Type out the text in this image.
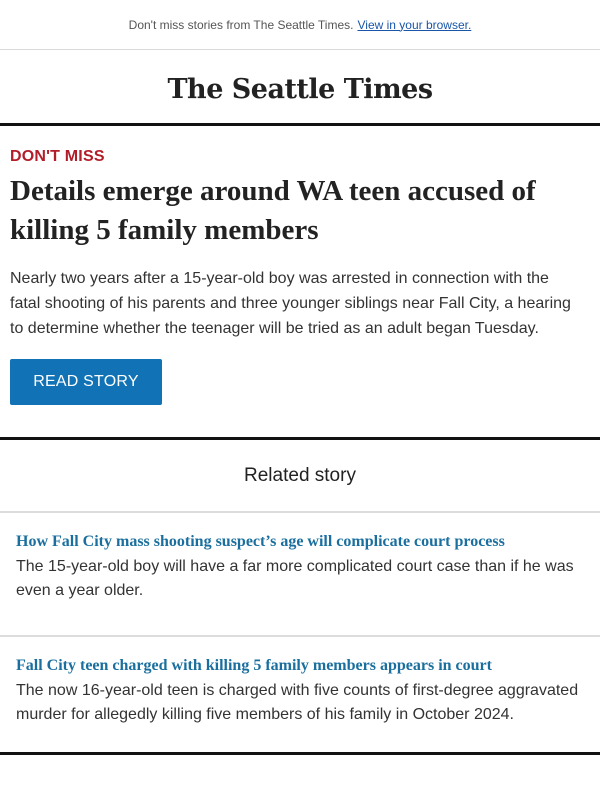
Don't miss stories from The Seattle Times. View in your browser.
The Seattle Times
DON'T MISS
Details emerge around WA teen accused of killing 5 family members

Nearly two years after a 15-year-old boy was arrested in connection with the fatal shooting of his parents and three younger siblings near Fall City, a hearing to determine whether the teenager will be tried as an adult began Tuesday.

READ STORY
Related story
How Fall City mass shooting suspect’s age will complicate court process

The 15-year-old boy will have a far more complicated court case than if he was even a year older.

Fall City teen charged with killing 5 family members appears in court

The now 16-year-old teen is charged with five counts of first-degree aggravated murder for allegedly killing five members of his family in October 2024.
